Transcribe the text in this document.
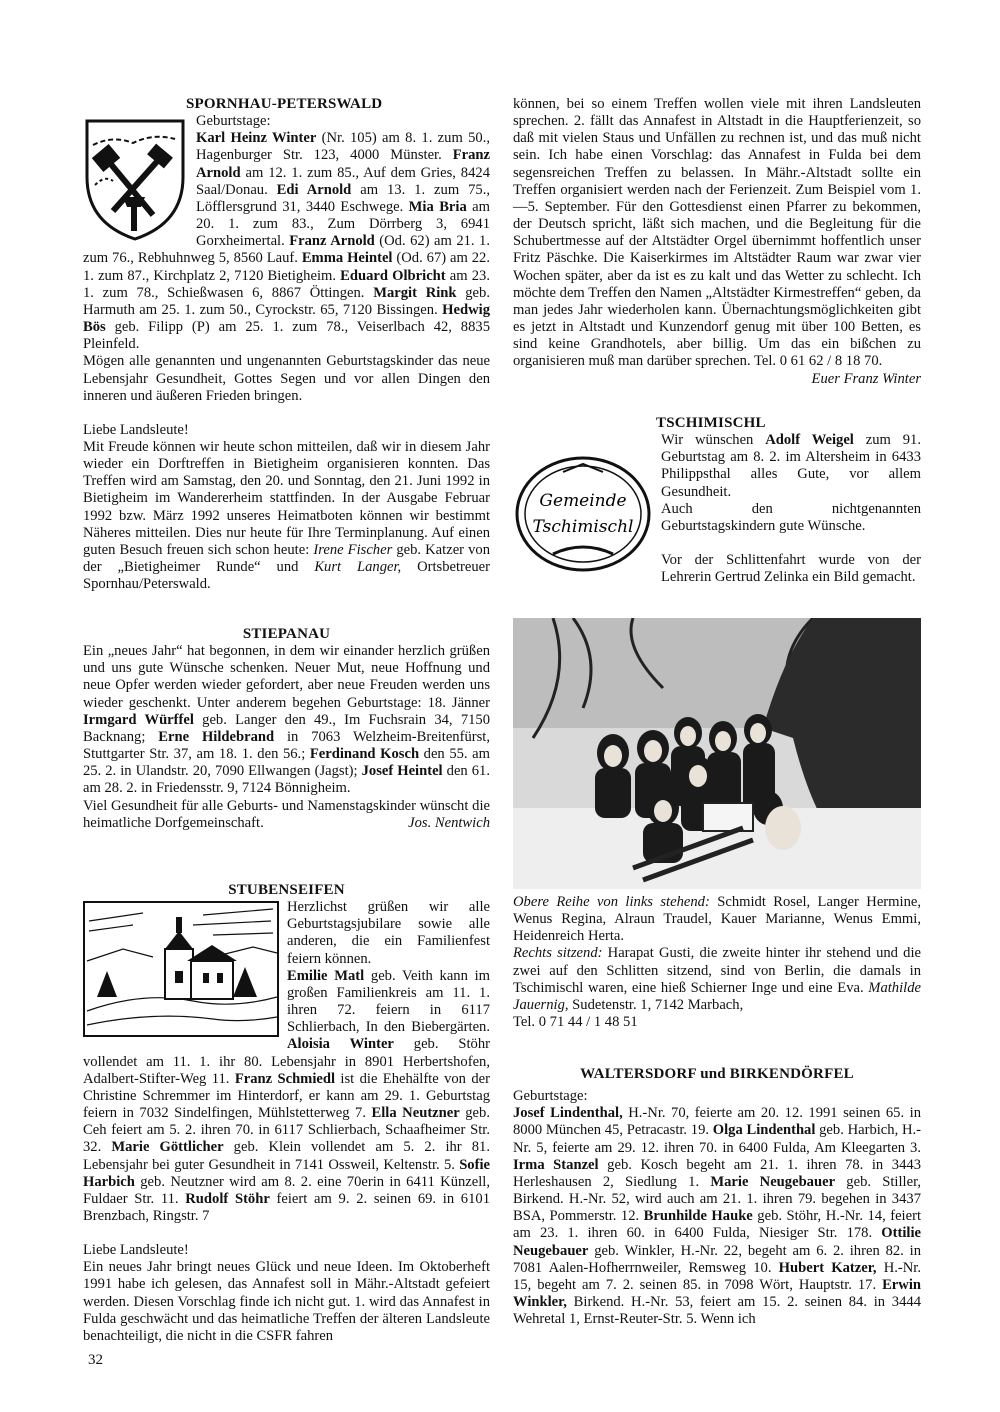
SPORNHAU-PETERSWALD

Geburtstage:
Karl Heinz Winter (Nr. 105) am 8. 1. zum 50., Hagenburger Str. 123, 4000 Münster. Franz Arnold am 12. 1. zum 85., Auf dem Gries, 8424 Saal/Donau. Edi Arnold am 13. 1. zum 75., Löfflersgrund 31, 3440 Eschwege. Mia Bria am 20. 1. zum 83., Zum Dörrberg 3, 6941 Gorxheimertal. Franz Arnold (Od. 62) am 21. 1. zum 76., Rebhuhnweg 5, 8560 Lauf. Emma Heintel (Od. 67) am 22. 1. zum 87., Kirchplatz 2, 7120 Bietigheim. Eduard Olbricht am 23. 1. zum 78., Schießwasen 6, 8867 Öttingen. Margit Rink geb. Harmuth am 25. 1. zum 50., Cyrockstr. 65, 7120 Bissingen. Hedwig Bös geb. Filipp (P) am 25. 1. zum 78., Veiserlbach 42, 8835 Pleinfeld.

Mögen alle genannten und ungenannten Geburtstagskinder das neue Lebensjahr Gesundheit, Gottes Segen und vor allen Dingen den inneren und äußeren Frieden bringen.

Liebe Landsleute!
Mit Freude können wir heute schon mitteilen, daß wir in diesem Jahr wieder ein Dorftreffen in Bietigheim organisieren konnten. Das Treffen wird am Samstag, den 20. und Sonntag, den 21. Juni 1992 in Bietigheim im Wandererheim stattfinden. In der Ausgabe Februar 1992 bzw. März 1992 unseres Heimatboten können wir bestimmt Näheres mitteilen. Dies nur heute für Ihre Terminplanung. Auf einen guten Besuch freuen sich schon heute: Irene Fischer geb. Katzer von der „Bietigheimer Runde“ und Kurt Langer, Ortsbetreuer Spornhau/Peterswald.

STIEPANAU

Ein „neues Jahr“ hat begonnen, in dem wir einander herzlich grüßen und uns gute Wünsche schenken. Neuer Mut, neue Hoffnung und neue Opfer werden wieder gefordert, aber neue Freuden werden uns wieder geschenkt. Unter anderem begehen Geburtstage: 18. Jänner Irmgard Würffel geb. Langer den 49., Im Fuchsrain 34, 7150 Backnang; Erne Hildebrand in 7063 Welzheim-Breitenfürst, Stuttgarter Str. 37, am 18. 1. den 56.; Ferdinand Kosch den 55. am 25. 2. in Ulandstr. 20, 7090 Ellwangen (Jagst); Josef Heintel den 61. am 28. 2. in Friedensstr. 9, 7124 Bönnigheim.

Viel Gesundheit für alle Geburts- und Namenstagskinder wünscht die heimatliche Dorfgemeinschaft.	Jos. Nentwich

STUBENSEIFEN

Herzlichst grüßen wir alle Geburtstagsjubilare sowie alle anderen, die ein Familienfest feiern können.
Emilie Matl geb. Veith kann im großen Familienkreis am 11. 1. ihren 72. feiern in 6117 Schlierbach, In den Biebergärten. Aloisia Winter geb. Stöhr vollendet am 11. 1. ihr 80. Lebensjahr in 8901 Herbertshofen, Adalbert-Stifter-Weg 11. Franz Schmiedl ist die Ehehälfte von der Christine Schremmer im Hinterdorf, er kann am 29. 1. Geburtstag feiern in 7032 Sindelfingen, Mühlstetterweg 7. Ella Neutzner geb. Ceh feiert am 5. 2. ihren 70. in 6117 Schlierbach, Schaafheimer Str. 32. Marie Göttlicher geb. Klein vollendet am 5. 2. ihr 81. Lebensjahr bei guter Gesundheit in 7141 Ossweil, Keltenstr. 5. Sofie Harbich geb. Neutzner wird am 8. 2. eine 70erin in 6411 Künzell, Fuldaer Str. 11. Rudolf Stöhr feiert am 9. 2. seinen 69. in 6101 Brenzbach, Ringstr. 7

Liebe Landsleute!
Ein neues Jahr bringt neues Glück und neue Ideen. Im Oktoberheft 1991 habe ich gelesen, das Annafest soll in Mähr.-Altstadt gefeiert werden. Diesen Vorschlag finde ich nicht gut. 1. wird das Annafest in Fulda geschwächt und das heimatliche Treffen der älteren Landsleute benachteiligt, die nicht in die CSFR fahren

können, bei so einem Treffen wollen viele mit ihren Landsleuten sprechen. 2. fällt das Annafest in Altstadt in die Hauptferienzeit, so daß mit vielen Staus und Unfällen zu rechnen ist, und das muß nicht sein. Ich habe einen Vorschlag: das Annafest in Fulda bei dem segensreichen Treffen zu belassen. In Mähr.-Altstadt sollte ein Treffen organisiert werden nach der Ferienzeit. Zum Beispiel vom 1.—5. September. Für den Gottesdienst einen Pfarrer zu bekommen, der Deutsch spricht, läßt sich machen, und die Begleitung für die Schubertmesse auf der Altstädter Orgel übernimmt hoffentlich unser Fritz Päschke. Die Kaiserkirmes im Altstädter Raum war zwar vier Wochen später, aber da ist es zu kalt und das Wetter zu schlecht. Ich möchte dem Treffen den Namen „Altstädter Kirmestreffen“ geben, da man jedes Jahr wiederholen kann. Übernachtungsmöglichkeiten gibt es jetzt in Altstadt und Kunzendorf genug mit über 100 Betten, es sind keine Grandhotels, aber billig. Um das ein bißchen zu organisieren muß man darüber sprechen. Tel. 0 61 62 / 8 18 70.
Euer Franz Winter

TSCHIMISCHL
Gemeinde
Tschimischl

Wir wünschen Adolf Weigel zum 91. Geburtstag am 8. 2. im Altersheim in 6433 Philippsthal alles Gute, vor allem Gesundheit.
Auch den nichtgenannten Geburtstagskindern gute Wünsche.

Vor der Schlittenfahrt wurde von der Lehrerin Gertrud Zelinka ein Bild gemacht.

Obere Reihe von links stehend: Schmidt Rosel, Langer Hermine, Wenus Regina, Alraun Traudel, Kauer Marianne, Wenus Emmi, Heidenreich Herta.
Rechts sitzend: Harapat Gusti, die zweite hinter ihr stehend und die zwei auf den Schlitten sitzend, sind von Berlin, die damals in Tschimischl waren, eine hieß Schierner Inge und eine Eva. Mathilde Jauernig, Sudetenstr. 1, 7142 Marbach,
Tel. 0 71 44 / 1 48 51

WALTERSDORF und BIRKENDÖRFEL

Geburtstage:
Josef Lindenthal, H.-Nr. 70, feierte am 20. 12. 1991 seinen 65. in 8000 München 45, Petracastr. 19. Olga Lindenthal geb. Harbich, H.-Nr. 5, feierte am 29. 12. ihren 70. in 6400 Fulda, Am Kleegarten 3. Irma Stanzel geb. Kosch begeht am 21. 1. ihren 78. in 3443 Herleshausen 2, Siedlung 1. Marie Neugebauer geb. Stiller, Birkend. H.-Nr. 52, wird auch am 21. 1. ihren 79. begehen in 3437 BSA, Pommerstr. 12. Brunhilde Hauke geb. Stöhr, H.-Nr. 14, feiert am 23. 1. ihren 60. in 6400 Fulda, Niesiger Str. 178. Ottilie Neugebauer geb. Winkler, H.-Nr. 22, begeht am 6. 2. ihren 82. in 7081 Aalen-Hofherrnweiler, Remsweg 10. Hubert Katzer, H.-Nr. 15, begeht am 7. 2. seinen 85. in 7098 Wört, Hauptstr. 17. Erwin Winkler, Birkend. H.-Nr. 53, feiert am 15. 2. seinen 84. in 3444 Wehretal 1, Ernst-Reuter-Str. 5. Wenn ich

32
